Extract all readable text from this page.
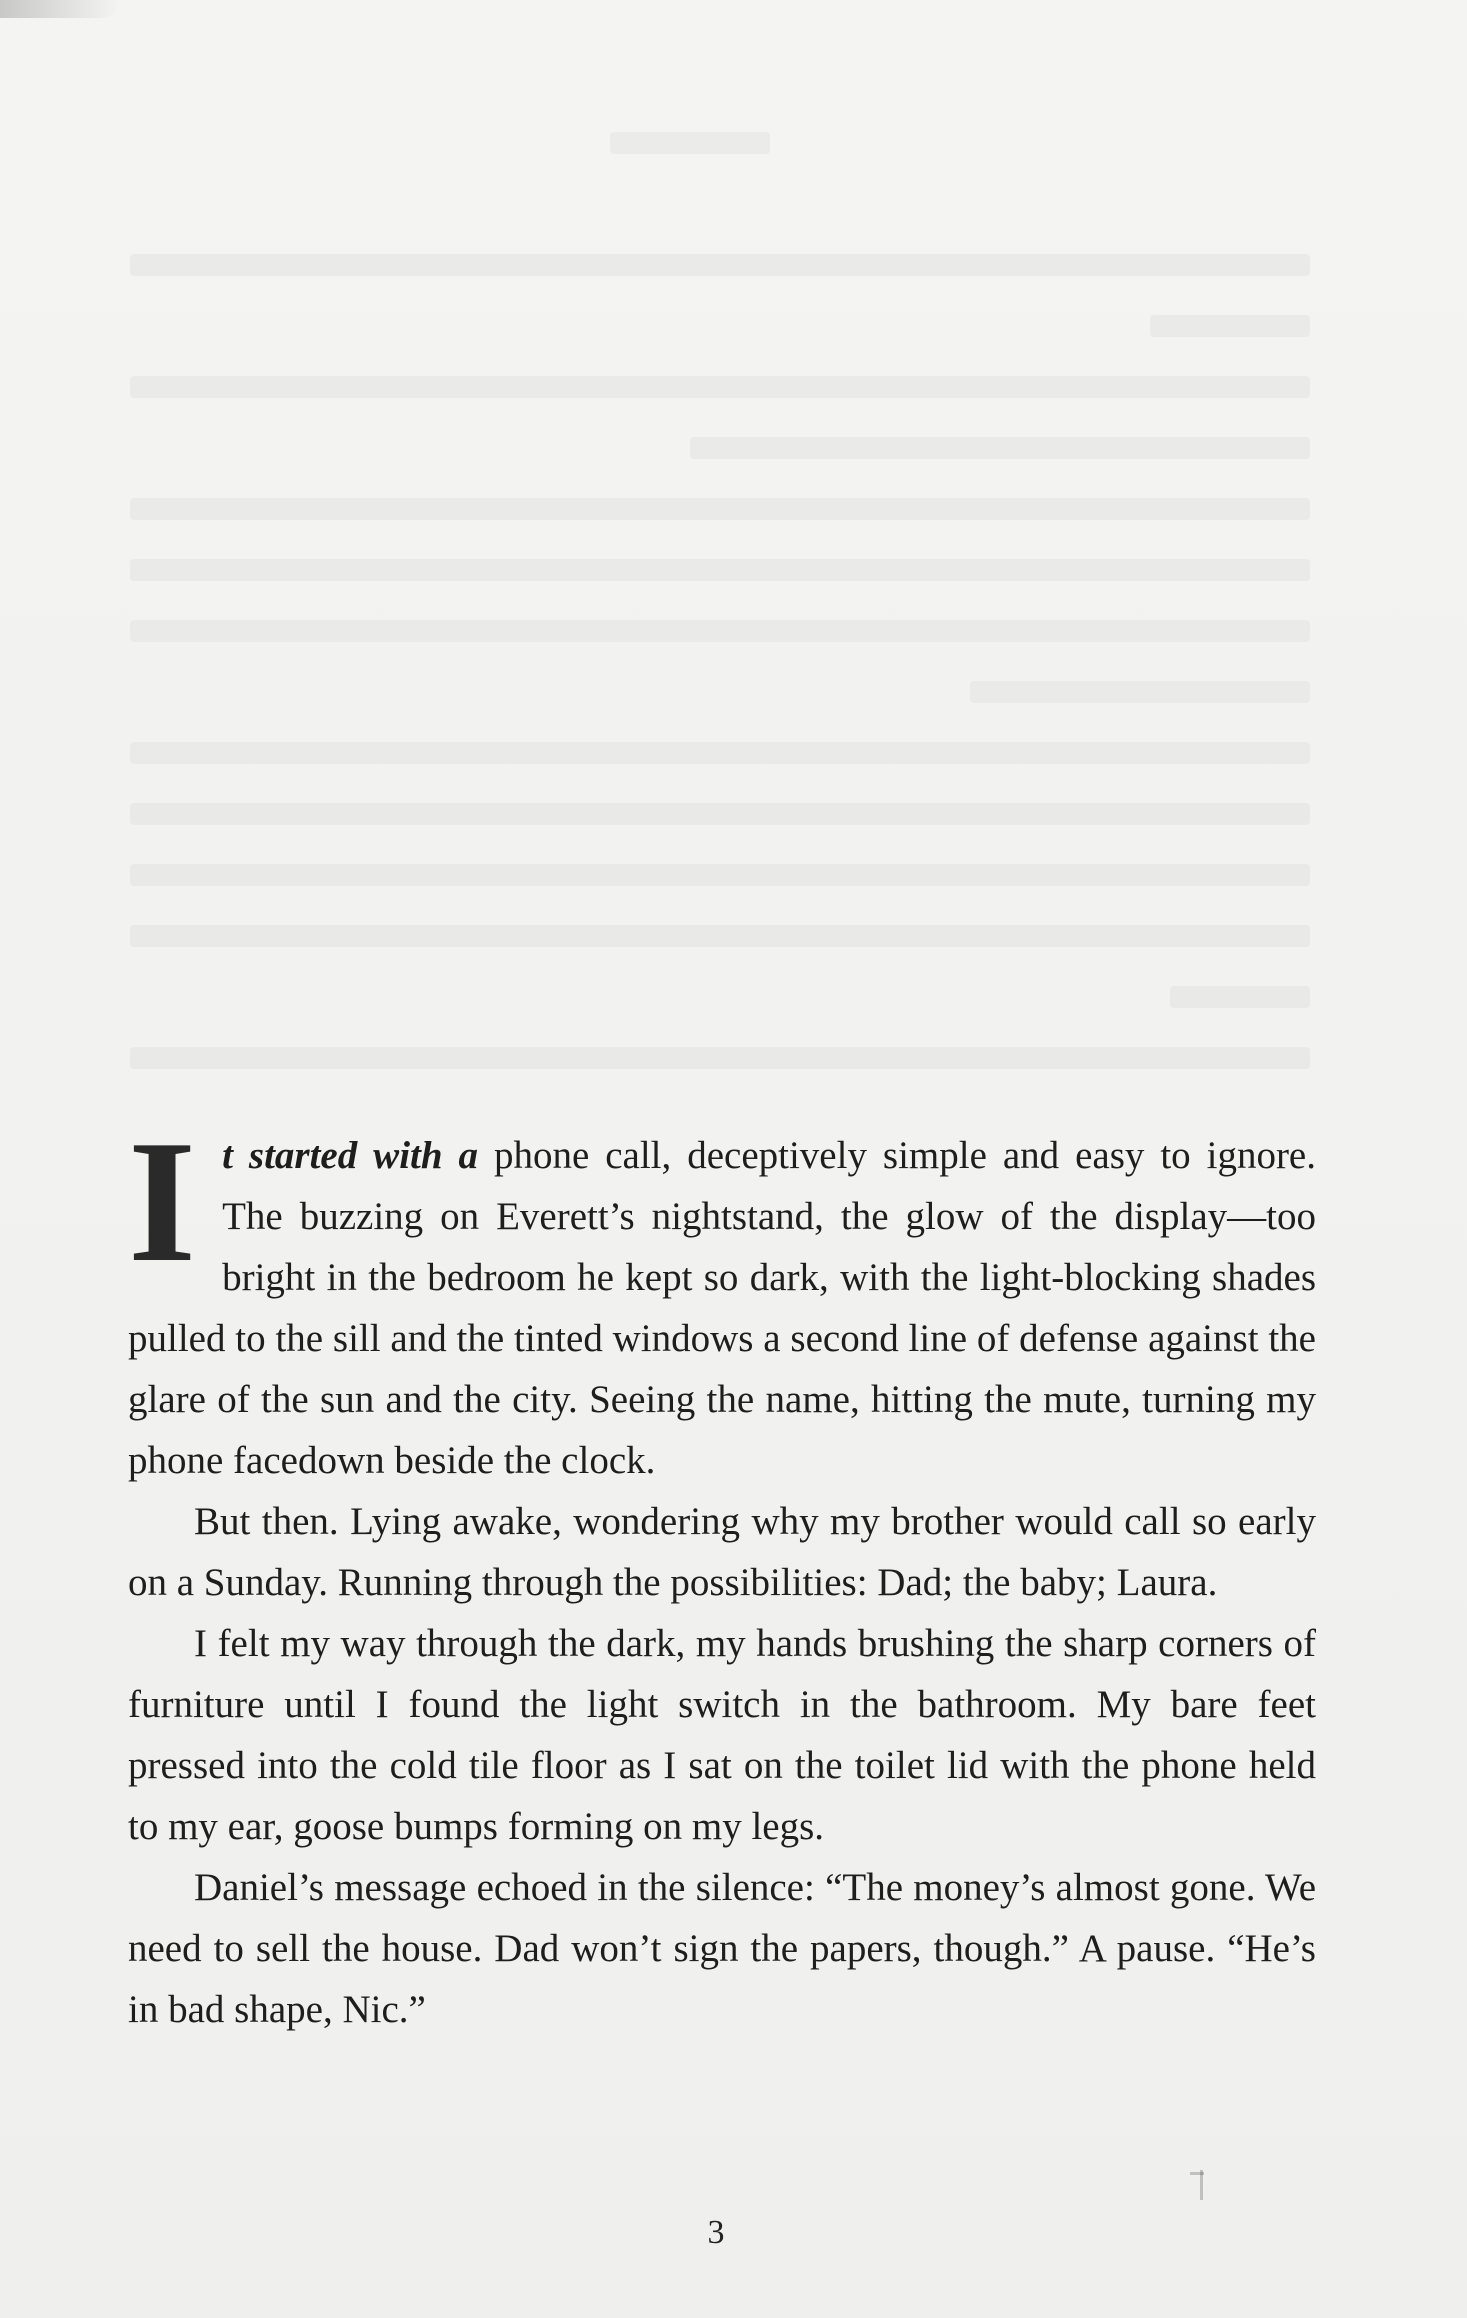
It started with a phone call, deceptively simple and easy to ignore. The buzzing on Everett’s nightstand, the glow of the display—too bright in the bedroom he kept so dark, with the light-blocking shades pulled to the sill and the tinted windows a second line of defense against the glare of the sun and the city. Seeing the name, hitting the mute, turning my phone facedown beside the clock.

But then. Lying awake, wondering why my brother would call so early on a Sunday. Running through the possibilities: Dad; the baby; Laura.

I felt my way through the dark, my hands brushing the sharp corners of furniture until I found the light switch in the bathroom. My bare feet pressed into the cold tile floor as I sat on the toilet lid with the phone held to my ear, goose bumps forming on my legs.

Daniel’s message echoed in the silence: “The money’s almost gone. We need to sell the house. Dad won’t sign the papers, though.” A pause. “He’s in bad shape, Nic.”

3
